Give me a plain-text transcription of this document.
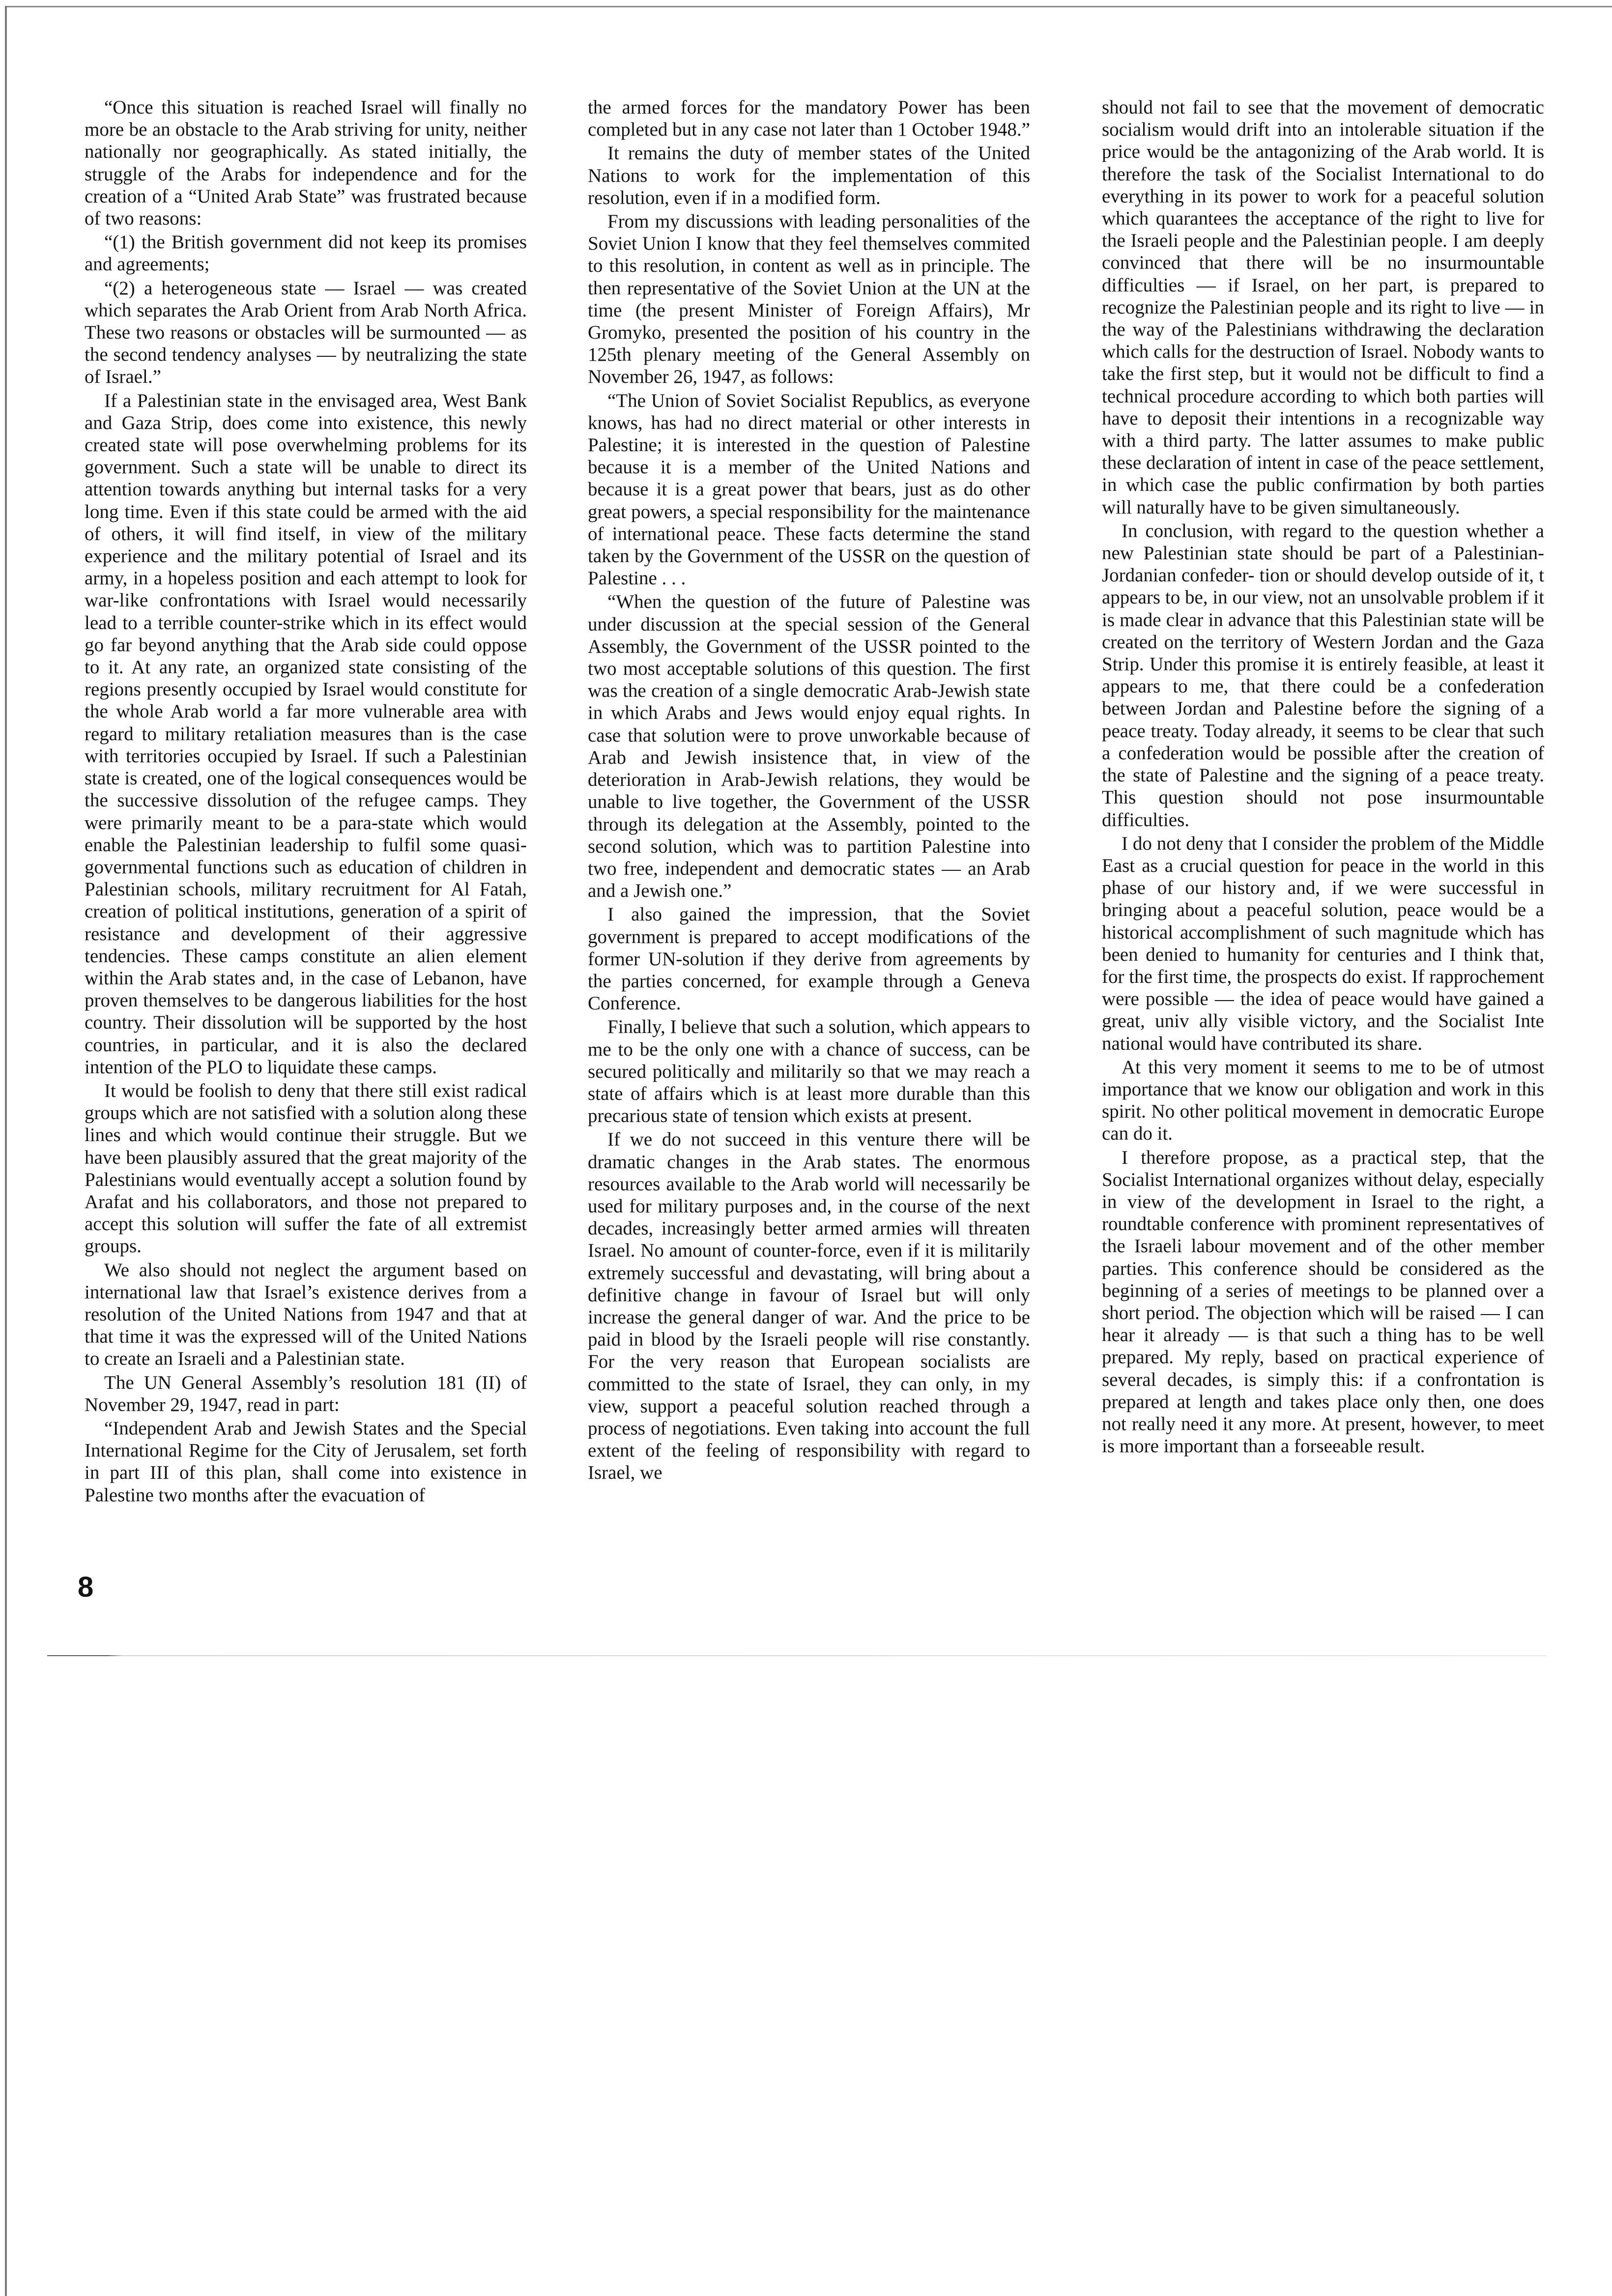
“Once this situation is reached Israel will finally no more be an obstacle to the Arab striving for unity, neither nationally nor geographically. As stated initially, the struggle of the Arabs for independence and for the creation of a “United Arab State” was frustrated because of two reasons:

“(1) the British government did not keep its promises and agreements;

“(2) a heterogeneous state — Israel — was created which separates the Arab Orient from Arab North Africa. These two reasons or obstacles will be surmounted — as the second tendency analyses — by neutralizing the state of Israel.”

If a Palestinian state in the envisaged area, West Bank and Gaza Strip, does come into existence, this newly created state will pose overwhelming problems for its government. Such a state will be unable to direct its attention towards anything but internal tasks for a very long time. Even if this state could be armed with the aid of others, it will find itself, in view of the military experience and the military potential of Israel and its army, in a hopeless position and each attempt to look for war-like confrontations with Israel would necessarily lead to a terrible counter-strike which in its effect would go far beyond anything that the Arab side could oppose to it. At any rate, an organized state consisting of the regions presently occupied by Israel would constitute for the whole Arab world a far more vulnerable area with regard to military retaliation measures than is the case with territories occupied by Israel. If such a Palestinian state is created, one of the logical consequences would be the successive dissolution of the refugee camps. They were primarily meant to be a para-state which would enable the Palestinian leadership to fulfil some quasi-governmental functions such as education of children in Palestinian schools, military recruitment for Al Fatah, creation of political institutions, generation of a spirit of resistance and development of their aggressive tendencies. These camps constitute an alien element within the Arab states and, in the case of Lebanon, have proven themselves to be dangerous liabilities for the host country. Their dissolution will be supported by the host countries, in particular, and it is also the declared intention of the PLO to liquidate these camps.

It would be foolish to deny that there still exist radical groups which are not satisfied with a solution along these lines and which would continue their struggle. But we have been plausibly assured that the great majority of the Palestinians would eventually accept a solution found by Arafat and his collaborators, and those not prepared to accept this solution will suffer the fate of all extremist groups.

We also should not neglect the argument based on international law that Israel’s existence derives from a resolution of the United Nations from 1947 and that at that time it was the expressed will of the United Nations to create an Israeli and a Palestinian state.

The UN General Assembly’s resolution 181 (II) of November 29, 1947, read in part:

“Independent Arab and Jewish States and the Special International Regime for the City of Jerusalem, set forth in part III of this plan, shall come into existence in Palestine two months after the evacuation of

the armed forces for the mandatory Power has been completed but in any case not later than 1 October 1948.”

It remains the duty of member states of the United Nations to work for the implementation of this resolution, even if in a modified form.

From my discussions with leading personalities of the Soviet Union I know that they feel themselves commited to this resolution, in content as well as in principle. The then representative of the Soviet Union at the UN at the time (the present Minister of Foreign Affairs), Mr Gromyko, presented the position of his country in the 125th plenary meeting of the General Assembly on November 26, 1947, as follows:

“The Union of Soviet Socialist Republics, as everyone knows, has had no direct material or other interests in Palestine; it is interested in the question of Palestine because it is a member of the United Nations and because it is a great power that bears, just as do other great powers, a special responsibility for the maintenance of international peace. These facts determine the stand taken by the Government of the USSR on the question of Palestine . . .

“When the question of the future of Palestine was under discussion at the special session of the General Assembly, the Government of the USSR pointed to the two most acceptable solutions of this question. The first was the creation of a single democratic Arab-Jewish state in which Arabs and Jews would enjoy equal rights. In case that solution were to prove unworkable because of Arab and Jewish insistence that, in view of the deterioration in Arab-Jewish relations, they would be unable to live together, the Government of the USSR through its delegation at the Assembly, pointed to the second solution, which was to partition Palestine into two free, independent and democratic states — an Arab and a Jewish one.”

I also gained the impression, that the Soviet government is prepared to accept modifications of the former UN-solution if they derive from agreements by the parties concerned, for example through a Geneva Conference.

Finally, I believe that such a solution, which appears to me to be the only one with a chance of success, can be secured politically and militarily so that we may reach a state of affairs which is at least more durable than this precarious state of tension which exists at present.

If we do not succeed in this venture there will be dramatic changes in the Arab states. The enormous resources available to the Arab world will necessarily be used for military purposes and, in the course of the next decades, increasingly better armed armies will threaten Israel. No amount of counter-force, even if it is militarily extremely successful and devastating, will bring about a definitive change in favour of Israel but will only increase the general danger of war. And the price to be paid in blood by the Israeli people will rise constantly. For the very reason that European socialists are committed to the state of Israel, they can only, in my view, support a peaceful solution reached through a process of negotiations. Even taking into account the full extent of the feeling of responsibility with regard to Israel, we

should not fail to see that the movement of democratic socialism would drift into an intolerable situation if the price would be the antagonizing of the Arab world. It is therefore the task of the Socialist International to do everything in its power to work for a peaceful solution which quarantees the acceptance of the right to live for the Israeli people and the Palestinian people. I am deeply convinced that there will be no insurmountable difficulties — if Israel, on her part, is prepared to recognize the Palestinian people and its right to live — in the way of the Palestinians withdrawing the declaration which calls for the destruction of Israel. Nobody wants to take the first step, but it would not be difficult to find a technical procedure according to which both parties will have to deposit their intentions in a recognizable way with a third party. The latter assumes to make public these declaration of intent in case of the peace settlement, in which case the public confirmation by both parties will naturally have to be given simultaneously.

In conclusion, with regard to the question whether a new Palestinian state should be part of a Palestinian-Jordanian confeder- tion or should develop outside of it, t appears to be, in our view, not an unsolvable problem if it is made clear in advance that this Palestinian state will be created on the territory of Western Jordan and the Gaza Strip. Under this promise it is entirely feasible, at least it appears to me, that there could be a confederation between Jordan and Palestine before the signing of a peace treaty. Today already, it seems to be clear that such a confederation would be possible after the creation of the state of Palestine and the signing of a peace treaty. This question should not pose insurmountable difficulties.

I do not deny that I consider the problem of the Middle East as a crucial question for peace in the world in this phase of our history and, if we were successful in bringing about a peaceful solution, peace would be a historical accomplishment of such magnitude which has been denied to humanity for centuries and I think that, for the first time, the prospects do exist. If rapprochement were possible — the idea of peace would have gained a great, univ ally visible victory, and the Socialist Inte national would have contributed its share.

At this very moment it seems to me to be of utmost importance that we know our obligation and work in this spirit. No other political movement in democratic Europe can do it.

I therefore propose, as a practical step, that the Socialist International organizes without delay, especially in view of the development in Israel to the right, a roundtable conference with prominent representatives of the Israeli labour movement and of the other member parties. This conference should be considered as the beginning of a series of meetings to be planned over a short period. The objection which will be raised — I can hear it already — is that such a thing has to be well prepared. My reply, based on practical experience of several decades, is simply this: if a confrontation is prepared at length and takes place only then, one does not really need it any more. At present, however, to meet is more important than a forseeable result.

8
